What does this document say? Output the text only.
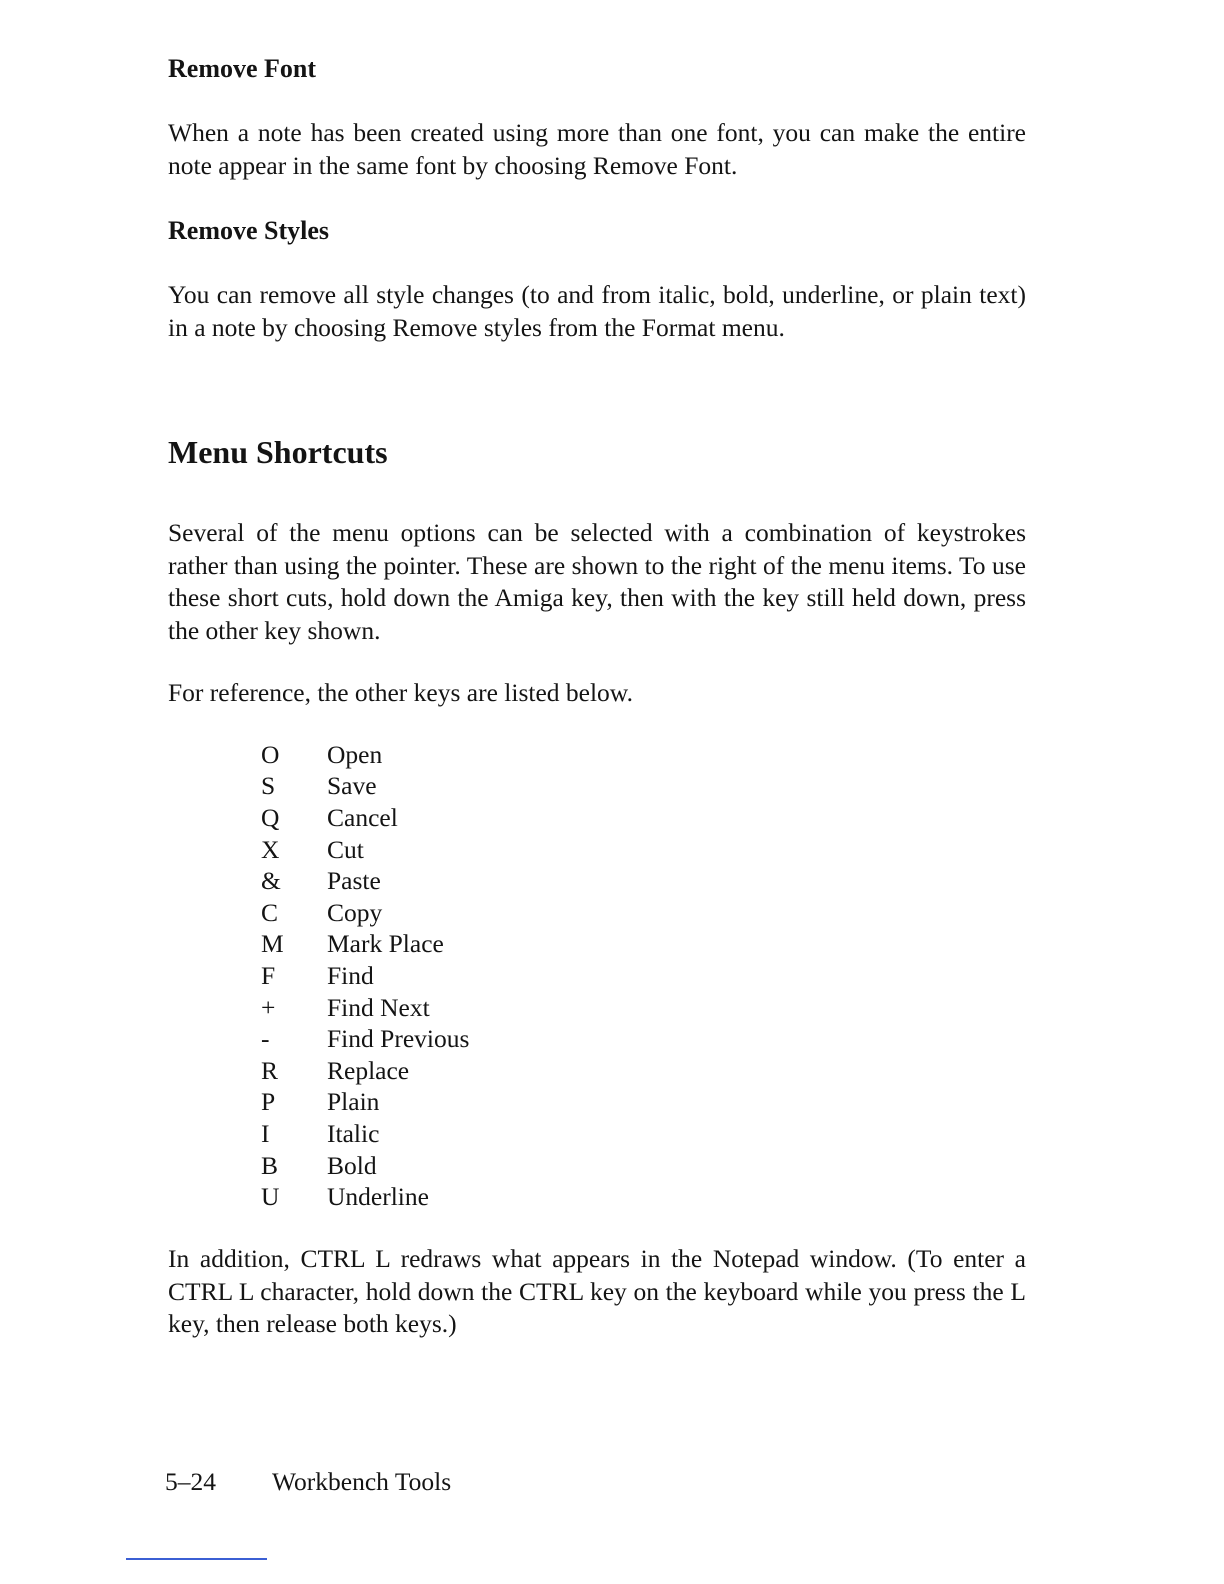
Remove Font

When a note has been created using more than one font, you can make the entire note appear in the same font by choosing Remove Font.

Remove Styles

You can remove all style changes (to and from italic, bold, underline, or plain text) in a note by choosing Remove styles from the Format menu.

Menu Shortcuts

Several of the menu options can be selected with a combination of keystrokes rather than using the pointer. These are shown to the right of the menu items. To use these short cuts, hold down the Amiga key, then with the key still held down, press the other key shown.

For reference, the other keys are listed below.

O	Open
S	Save
Q	Cancel
X	Cut
&	Paste
C	Copy
M	Mark Place
F	Find
+	Find Next
-	Find Previous
R	Replace
P	Plain
I	Italic
B	Bold
U	Underline

In addition, CTRL L redraws what appears in the Notepad window. (To enter a CTRL L character, hold down the CTRL key on the keyboard while you press the L key, then release both keys.)

5–24	Workbench Tools
